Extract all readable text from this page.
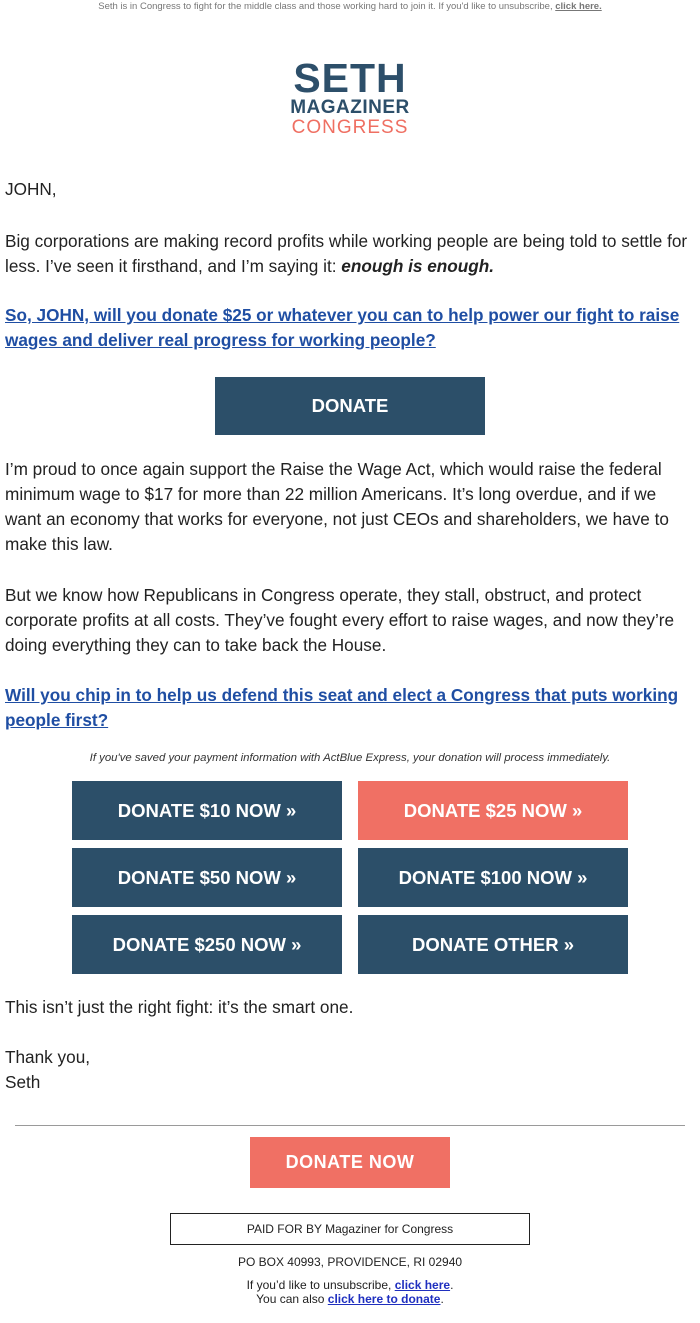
Seth is in Congress to fight for the middle class and those working hard to join it. If you'd like to unsubscribe, click here.
SETH
MAGAZINER
CONGRESS

JOHN,

Big corporations are making record profits while working people are being told to settle for less. I’ve seen it firsthand, and I’m saying it: enough is enough.

So, JOHN, will you donate $25 or whatever you can to help power our fight to raise wages and deliver real progress for working people?

DONATE

I’m proud to once again support the Raise the Wage Act, which would raise the federal minimum wage to $17 for more than 22 million Americans. It’s long overdue, and if we want an economy that works for everyone, not just CEOs and shareholders, we have to make this law.

But we know how Republicans in Congress operate, they stall, obstruct, and protect corporate profits at all costs. They’ve fought every effort to raise wages, and now they’re doing everything they can to take back the House.

Will you chip in to help us defend this seat and elect a Congress that puts working people first?

If you've saved your payment information with ActBlue Express, your donation will process immediately.
DONATE $10 NOW »	DONATE $25 NOW »
DONATE $50 NOW »	DONATE $100 NOW »
DONATE $250 NOW »	DONATE OTHER »

This isn’t just the right fight: it’s the smart one.

Thank you,

Seth

DONATE NOW
PAID FOR BY Magaziner for Congress
PO BOX 40993, PROVIDENCE, RI 02940
If you’d like to unsubscribe, click here.
You can also click here to donate.
